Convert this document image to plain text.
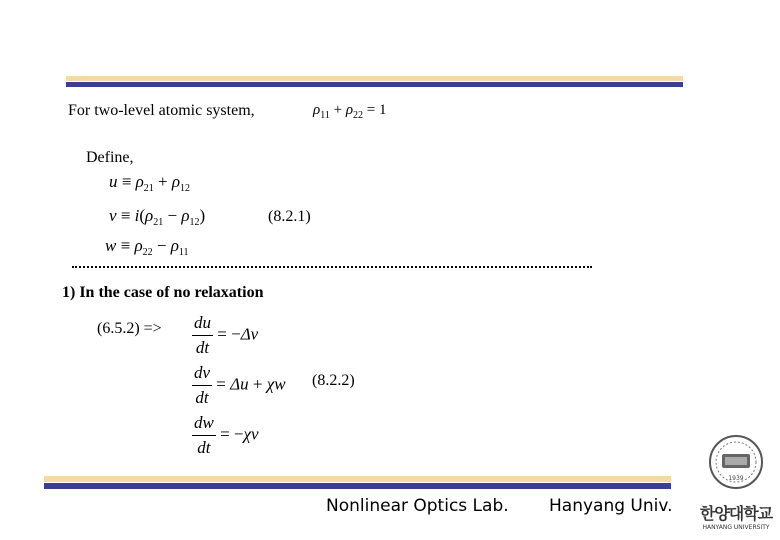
For two-level atomic system,	$\rho_{11} + \rho_{22} = 1$
Define,
$u \equiv \rho_{21} + \rho_{12}$
$v \equiv i(\rho_{21} - \rho_{12})$
$w \equiv \rho_{22} - \rho_{11}$
(8.2.1)
1) In the case of no relaxation
$(6.5.2) => \frac{du}{dt} = -\Delta v$
$\frac{dv}{dt} = \Delta u + \chi w$
$\frac{dw}{dt} = -\chi v$
(8.2.2)
Nonlinear Optics Lab. Hanyang Univ.
1939
한양대학교
HANYANG UNIVERSITY
